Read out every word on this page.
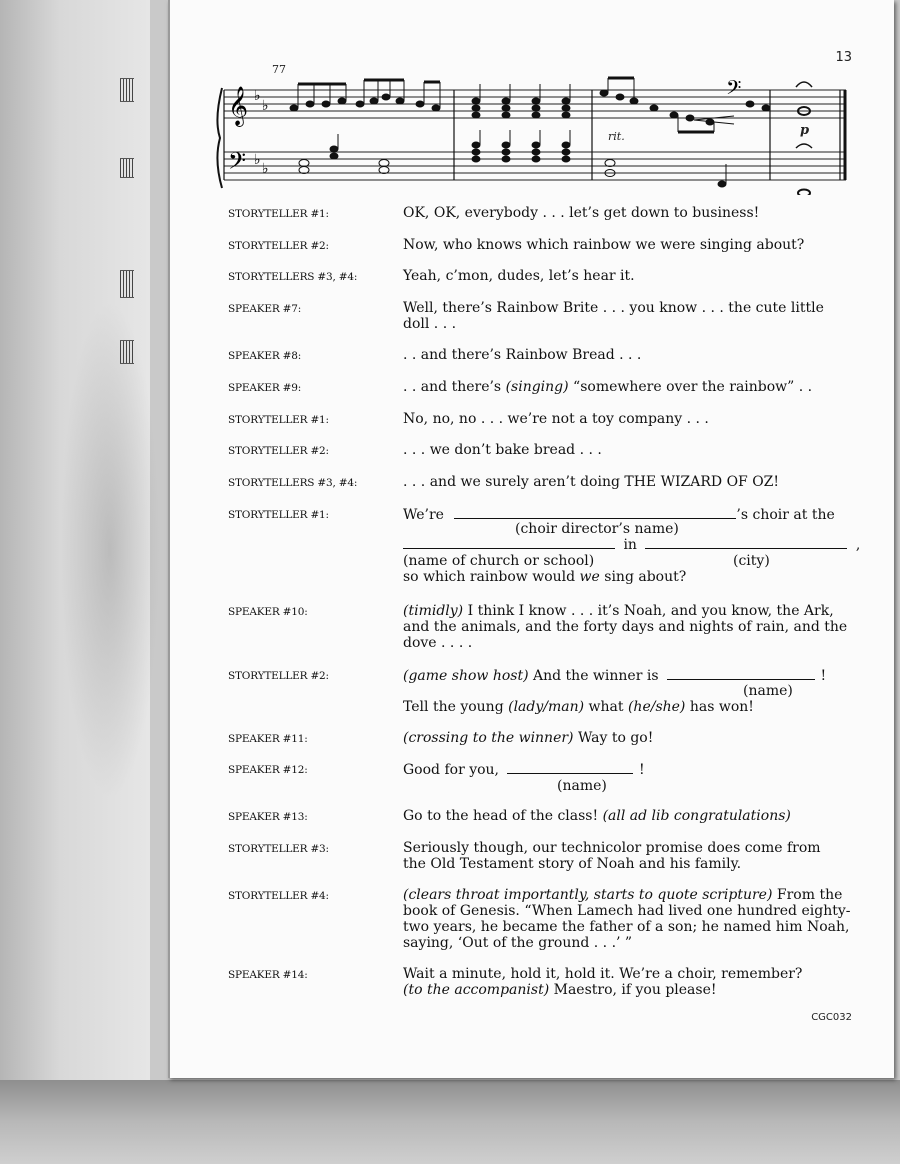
13
77
𝄞
𝄢
♭
♭
♭
♭
rit.
𝄢
p
STORYTELLER #1:	OK, OK, everybody . . . let’s get down to business!
STORYTELLER #2:	Now, who knows which rainbow we were singing about?
STORYTELLERS #3, #4:	Yeah, c’mon, dudes, let’s hear it.
SPEAKER #7:	Well, there’s Rainbow Brite . . . you know . . . the cute little doll . . .
SPEAKER #8:	. . and there’s Rainbow Bread . . .
SPEAKER #9:	. . and there’s (singing) “somewhere over the rainbow” . .
STORYTELLER #1:	No, no, no . . . we’re not a toy company . . .
STORYTELLER #2:	. . . we don’t bake bread . . .
STORYTELLERS #3, #4:	. . . and we surely aren’t doing THE WIZARD OF OZ!
STORYTELLER #1:	We’re	’s choir at the
(choir director’s name)
in	,
(name of church or school)	(city)
so which rainbow would we sing about?
SPEAKER #10:	(timidly) I think I know . . . it’s Noah, and you know, the Ark, and the animals, and the forty days and nights of rain, and the dove . . . .
STORYTELLER #2:	(game show host) And the winner is	!
(name)
Tell the young (lady/man) what (he/she) has won!
SPEAKER #11:	(crossing to the winner) Way to go!
SPEAKER #12:	Good for you,	!
(name)
SPEAKER #13:	Go to the head of the class! (all ad lib congratulations)
STORYTELLER #3:	Seriously though, our technicolor promise does come from the Old Testament story of Noah and his family.
STORYTELLER #4:	(clears throat importantly, starts to quote scripture) From the book of Genesis. “When Lamech had lived one hundred eighty-two years, he became the father of a son; he named him Noah, saying, ‘Out of the ground . . .’ ”
SPEAKER #14:	Wait a minute, hold it, hold it. We’re a choir, remember?
(to the accompanist) Maestro, if you please!
CGC032
